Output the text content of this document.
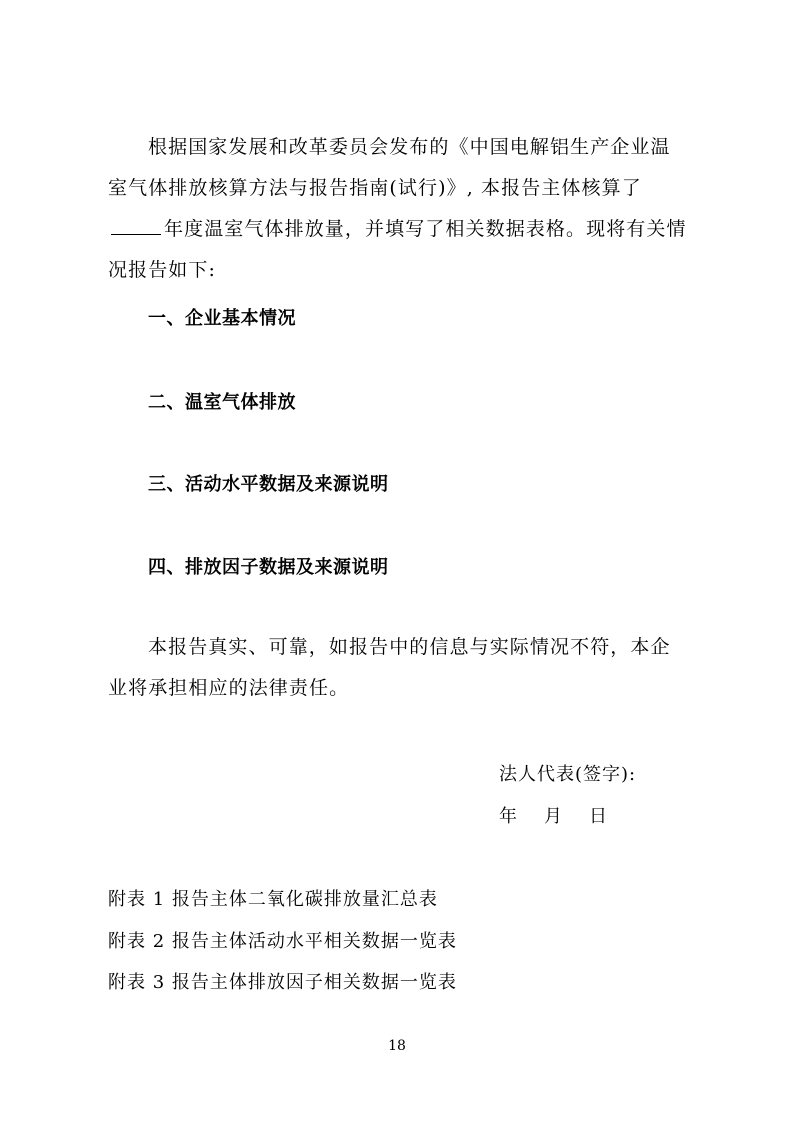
根据国家发展和改革委员会发布的《中国电解铝生产企业温室气体排放核算方法与报告指南(试行)》, 本报告主体核算了年度温室气体排放量，并填写了相关数据表格。现将有关情况报告如下:

一、企业基本情况

二、温室气体排放

三、活动水平数据及来源说明

四、排放因子数据及来源说明

本报告真实、可靠，如报告中的信息与实际情况不符，本企业将承担相应的法律责任。

法人代表(签字):
年 月 日
附表 1 报告主体二氧化碳排放量汇总表
附表 2 报告主体活动水平相关数据一览表
附表 3 报告主体排放因子相关数据一览表
18
